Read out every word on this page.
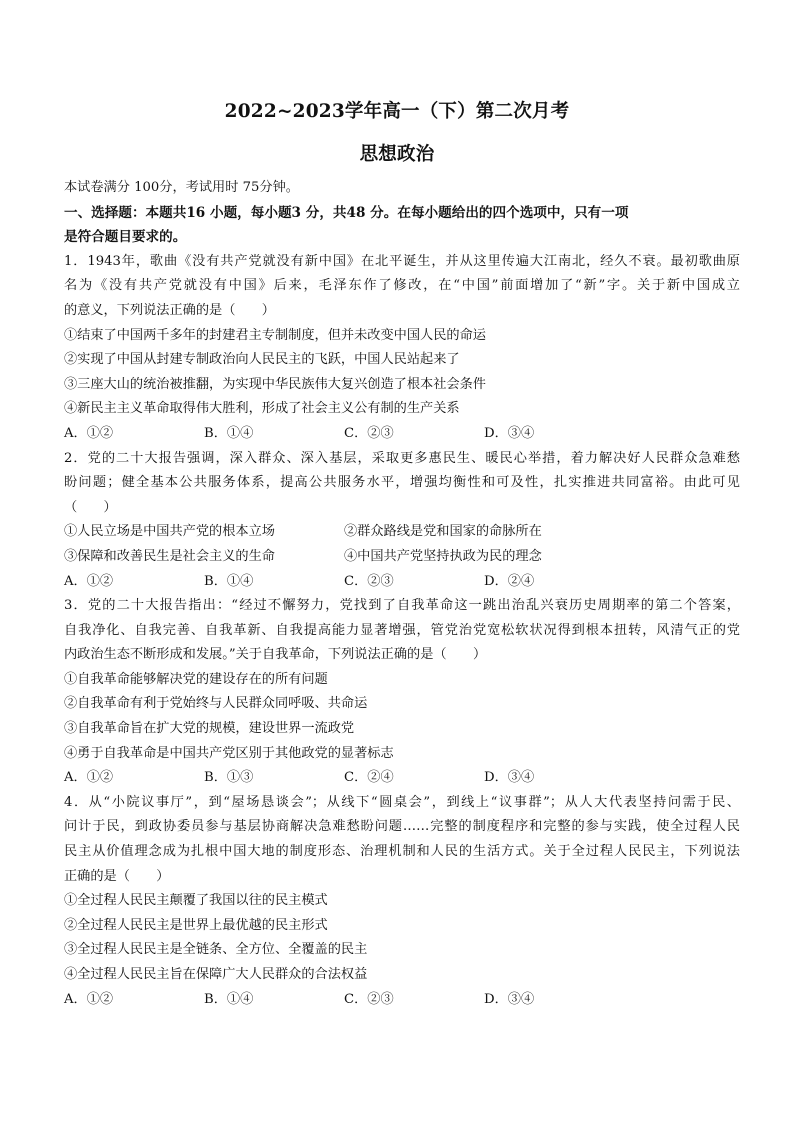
2022~2023学年高一（下）第二次月考
思想政治
本试卷满分 100分，考试用时 75分钟。
一、选择题：本题共16 小题，每小题3 分，共48 分。在每小题给出的四个选项中，只有一项
是符合题目要求的。
1．1943年，歌曲《没有共产党就没有新中国》在北平诞生，并从这里传遍大江南北，经久不衰。最初歌曲原
名为《没有共产党就没有中国》后来，毛泽东作了修改，在“中国”前面增加了“新”字。关于新中国成立
的意义，下列说法正确的是（　　）
①结束了中国两千多年的封建君主专制制度，但并未改变中国人民的命运
②实现了中国从封建专制政治向人民民主的飞跃，中国人民站起来了
③三座大山的统治被推翻，为实现中华民族伟大复兴创造了根本社会条件
④新民主主义革命取得伟大胜利，形成了社会主义公有制的生产关系
A．①②	B．①④	C．②③	D．③④
2．党的二十大报告强调，深入群众、深入基层，采取更多惠民生、暖民心举措，着力解决好人民群众急难愁
盼问题；健全基本公共服务体系，提高公共服务水平，增强均衡性和可及性，扎实推进共同富裕。由此可见
（　　）
①人民立场是中国共产党的根本立场	②群众路线是党和国家的命脉所在
③保障和改善民生是社会主义的生命	④中国共产党坚持执政为民的理念
A．①②	B．①④	C．②③	D．②④
3．党的二十大报告指出：“经过不懈努力，党找到了自我革命这一跳出治乱兴衰历史周期率的第二个答案，
自我净化、自我完善、自我革新、自我提高能力显著增强，管党治党宽松软状况得到根本扭转，风清气正的党
内政治生态不断形成和发展。”关于自我革命，下列说法正确的是（　　）
①自我革命能够解决党的建设存在的所有问题
②自我革命有利于党始终与人民群众同呼吸、共命运
③自我革命旨在扩大党的规模，建设世界一流政党
④勇于自我革命是中国共产党区别于其他政党的显著标志
A．①②	B．①③	C．②④	D．③④
4．从“小院议事厅”，到“屋场恳谈会”；从线下“圆桌会”，到线上“议事群”；从人大代表坚持问需于民、
问计于民，到政协委员参与基层协商解决急难愁盼问题……完整的制度程序和完整的参与实践，使全过程人民
民主从价值理念成为扎根中国大地的制度形态、治理机制和人民的生活方式。关于全过程人民民主，下列说法
正确的是（　　）
①全过程人民民主颠覆了我国以往的民主模式
②全过程人民民主是世界上最优越的民主形式
③全过程人民民主是全链条、全方位、全覆盖的民主
④全过程人民民主旨在保障广大人民群众的合法权益
A．①②	B．①④	C．②③	D．③④
